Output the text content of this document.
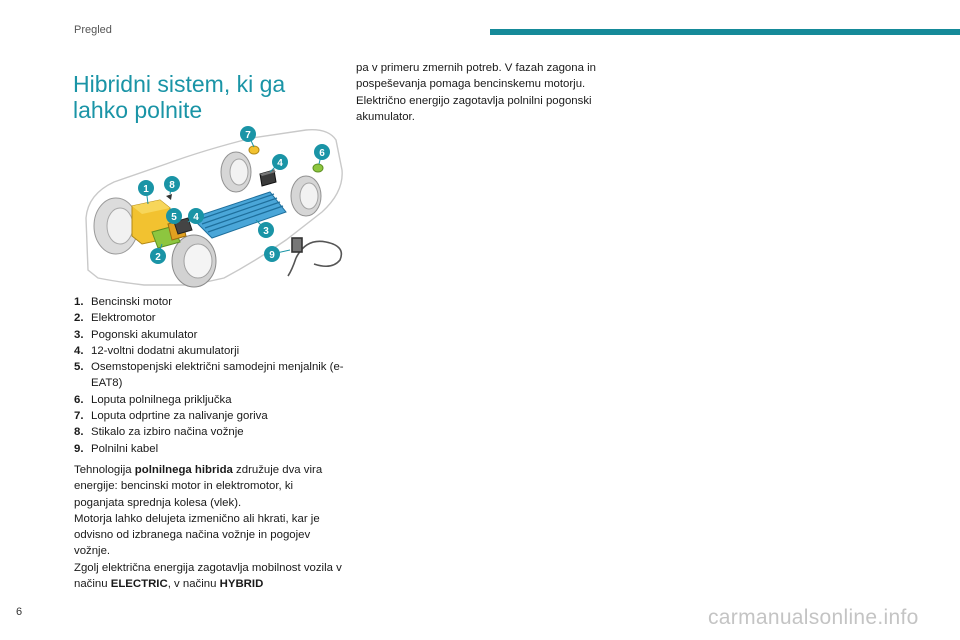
Pregled
Hibridni sistem, ki ga lahko polnite
7
4
6
1 8
5 4
3
2	9
1. Bencinski motor
2. Elektromotor
3. Pogonski akumulator
4. 12-voltni dodatni akumulatorji
5. Osemstopenjski električni samodejni menjalnik (e-EAT8)
6. Loputa polnilnega priključka
7. Loputa odprtine za nalivanje goriva
8. Stikalo za izbiro načina vožnje
9. Polnilni kabel
Tehnologija polnilnega hibrida združuje dva vira energije: bencinski motor in elektromotor, ki poganjata sprednja kolesa (vlek).
Motorja lahko delujeta izmenično ali hkrati, kar je odvisno od izbranega načina vožnje in pogojev vožnje.
Zgolj električna energija zagotavlja mobilnost vozila v načinu ELECTRIC, v načinu HYBRID
pa v primeru zmernih potreb. V fazah zagona in pospeševanja pomaga bencinskemu motorju.
Električno energijo zagotavlja polnilni pogonski akumulator.
6	carmanualsonline.info
